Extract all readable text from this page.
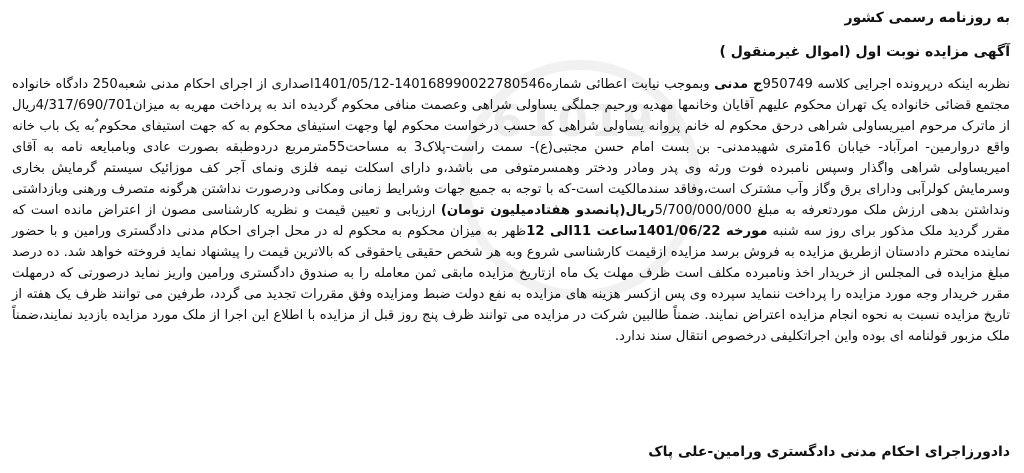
610191
به روزنامه رسمی کشور
آگهی مزایده نوبت اول (اموال غیرمنقول )
نظربه اینکه درپرونده اجرایی کلاسه 950749ج مدنی وبموجب نیابت اعطائی شماره14016899002278054​6-1401/05/12اصداری از اجرای احکام مدنی شعبه250 دادگاه خانواده مجتمع قضائی خانواده یک تهران محکوم علیهم آقایان وخانمها مهدیه ورحیم جملگی یساولی شراهی وعصمت منافی محکوم گردیده اند به پرداخت مهریه به میزان4/317/690/701ریال از ماترک مرحوم امیریساولی شراهی درحق محکوم له خانم پروانه یساولی شراهی که حسب درخواست محکوم لها وجهت استیفای محکوم به که جهت استیفای محکوم ٌبه یک باب خانه واقع دروارمین- امرآباد- خیابان 16متری شهیدمدنی- بن بست امام حسن مجتبی(ع)- سمت راست-پلاک3 به مساحت55مترمربع دردوطبقه بصورت عادی وبامبایعه نامه به آقای امیریساولی شراهی واگذار وسپس نامبرده فوت ورثه وی پدر ومادر ودختر وهمسرمتوفی می باشد،و دارای اسکلت نیمه فلزی ونمای آجر کف موزائیک سیستم گرمایش بخاری وسرمایش کولرآبی ودارای برق وگاز وآب مشترک است،وفاقد سندمالکیت است-که با توجه به جمیع جهات وشرایط زمانی ومکانی ودرصورت نداشتن هرگونه متصرف ورهنی وبازداشتی ونداشتن بدهی ارزش ملک موردتعرفه به مبلغ 5/700/000/000ریال(پانصدو هفتادمیلیون تومان) ارزیابی و تعیین قیمت و نظریه کارشناسی مصون از اعتراض مانده است که مقرر گردید ملک مذکور برای روز سه شنبه مورخه 1401/06/22ساعت 11الی 12ظهر به میزان محکوم به محکوم له در محل اجرای احکام مدنی دادگستری ورامین و با حضور نماینده محترم دادستان ازطریق مزایده به فروش برسد مزایده ازقیمت کارشناسی شروع وبه هر شخص حقیقی یاحقوقی که بالاترین قیمت را پیشنهاد نماید فروخته خواهد شد. ده درصد مبلغ مزایده فی المجلس از خریدار اخذ ونامبرده مکلف است ظرف مهلت یک ماه ازتاریخ مزایده مابقی ثمن معامله را به صندوق دادگستری ورامین واریز نماید درصورتی که درمهلت مقرر خریدار وجه مورد مزایده را پرداخت ننماید سپرده وی پس ازکسر هزینه های مزایده به نفع دولت ضبط ومزایده وفق مقررات تجدید می گردد، طرفین می توانند ظرف یک هفته از تاریخ مزایده نسبت به نحوه انجام مزایده اعتراض نمایند. ضمناً طالبین شرکت در مزایده می توانند ظرف پنج روز قبل از مزایده با اطلاع این اجرا از ملک مورد مزایده بازدید نمایند،ضمناً ملک مزبور قولنامه ای بوده واین اجراتکلیفی درخصوص انتقال سند ندارد.
دادورزاجرای احکام مدنی دادگستری ورامین-علی پاک
